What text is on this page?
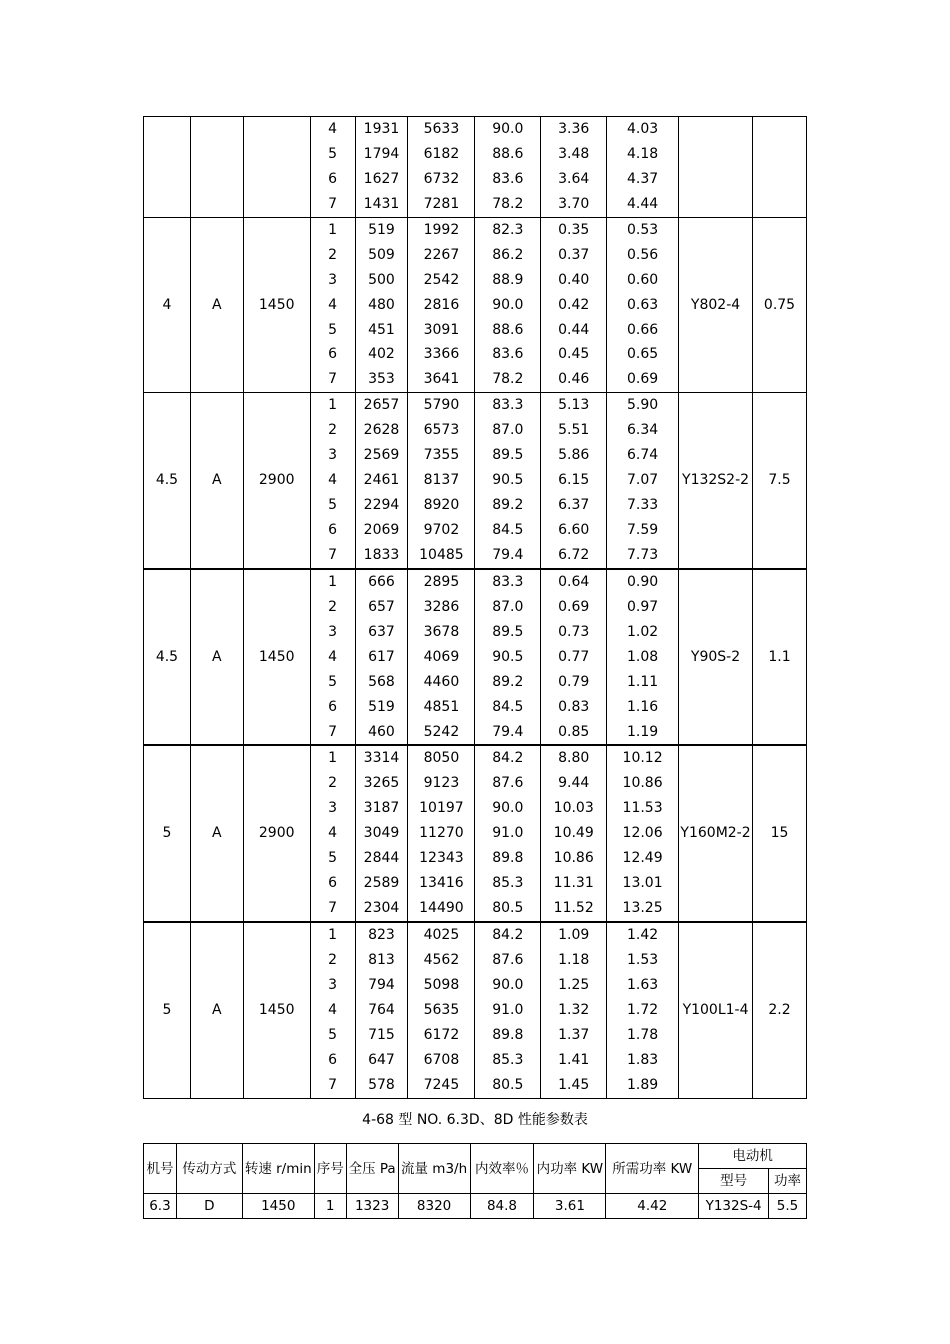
			4	1931	5633	90.0	3.36	4.03		
			5	1794	6182	88.6	3.48	4.18		
			6	1627	6732	83.6	3.64	4.37		
			7	1431	7281	78.2	3.70	4.44		
4	A	1450	1	519	1992	82.3	0.35	0.53	Y802-4	0.75
			2	509	2267	86.2	0.37	0.56		
			3	500	2542	88.9	0.40	0.60		
			4	480	2816	90.0	0.42	0.63		
			5	451	3091	88.6	0.44	0.66		
			6	402	3366	83.6	0.45	0.65		
			7	353	3641	78.2	0.46	0.69		
4.5	A	2900	1	2657	5790	83.3	5.13	5.90	Y132S2-2	7.5
			2	2628	6573	87.0	5.51	6.34		
			3	2569	7355	89.5	5.86	6.74		
			4	2461	8137	90.5	6.15	7.07		
			5	2294	8920	89.2	6.37	7.33		
			6	2069	9702	84.5	6.60	7.59		
			7	1833	10485	79.4	6.72	7.73		
4.5	A	1450	1	666	2895	83.3	0.64	0.90	Y90S-2	1.1
			2	657	3286	87.0	0.69	0.97		
			3	637	3678	89.5	0.73	1.02		
			4	617	4069	90.5	0.77	1.08		
			5	568	4460	89.2	0.79	1.11		
			6	519	4851	84.5	0.83	1.16		
			7	460	5242	79.4	0.85	1.19		
5	A	2900	1	3314	8050	84.2	8.80	10.12	Y160M2-2	15
			2	3265	9123	87.6	9.44	10.86		
			3	3187	10197	90.0	10.03	11.53		
			4	3049	11270	91.0	10.49	12.06		
			5	2844	12343	89.8	10.86	12.49		
			6	2589	13416	85.3	11.31	13.01		
			7	2304	14490	80.5	11.52	13.25		
5	A	1450	1	823	4025	84.2	1.09	1.42	Y100L1-4	2.2
			2	813	4562	87.6	1.18	1.53		
			3	794	5098	90.0	1.25	1.63		
			4	764	5635	91.0	1.32	1.72		
			5	715	6172	89.8	1.37	1.78		
			6	647	6708	85.3	1.41	1.83		
			7	578	7245	80.5	1.45	1.89		
4-68 型 NO. 6.3D、8D 性能参数表
机号	传动方式	转速 r/min	序号	全压 Pa	流量 m3/h	内效率％	内功率 KW	所需功率 KW	电动机	
									型号	功率
6.3	D	1450	1	1323	8320	84.8	3.61	4.42	Y132S-4	5.5
